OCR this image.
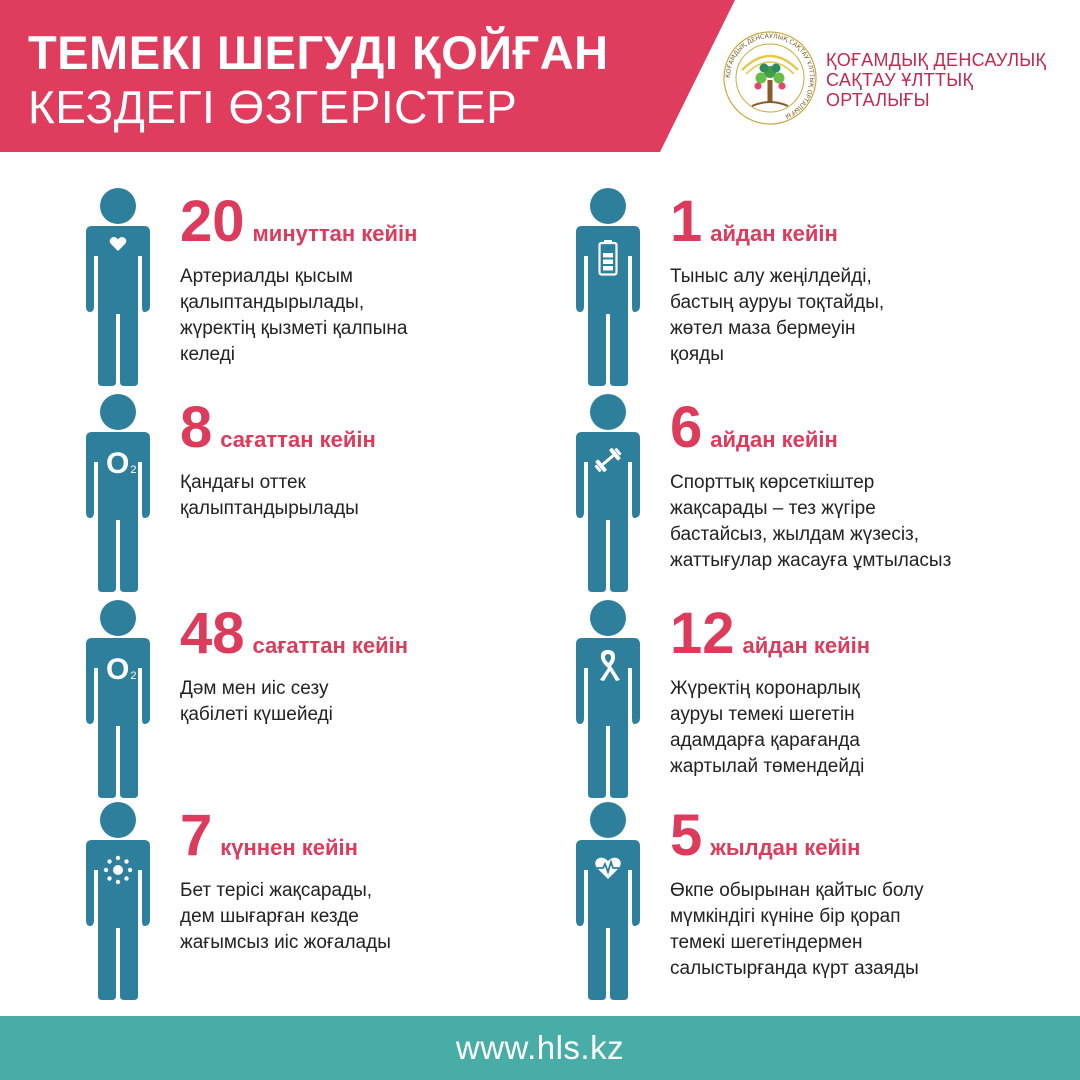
ТЕМЕКІ ШЕГУДІ ҚОЙҒАН
КЕЗДЕГІ ӨЗГЕРІСТЕР
ҚОҒАМДЫҚ ДЕНСАУЛЫҚ САҚТАУ ҰЛТТЫҚ ОРТАЛЫҒЫ
ҚОҒАМДЫҚ ДЕНСАУЛЫҚ
САҚТАУ ҰЛТТЫҚ
ОРТАЛЫҒЫ
20 минуттан кейін
Артериалды қысым
қалыптандырылады,
жүректің қызметі қалпына
келеді
1 айдан кейін
Тыныс алу жеңілдейді,
бастың ауруы тоқтайды,
жөтел маза бермеуін
қояды
O2
8 сағаттан кейін
Қандағы оттек
қалыптандырылады
6 айдан кейін
Спорттық көрсеткіштер
жақсарады – тез жүгіре
бастайсыз, жылдам жүзесіз,
жаттығулар жасауға ұмтыласыз
O2
48 сағаттан кейін
Дәм мен иіс сезу
қабілеті күшейеді
12 айдан кейін
Жүректің коронарлық
ауруы темекі шегетін
адамдарға қарағанда
жартылай төмендейді
7 күннен кейін
Бет терісі жақсарады,
дем шығарған кезде
жағымсыз иіс жоғалады
5 жылдан кейін
Өкпе обырынан қайтыс болу
мүмкіндігі күніне бір қорап
темекі шегетіндермен
салыстырғанда күрт азаяды
www.hls.kz
